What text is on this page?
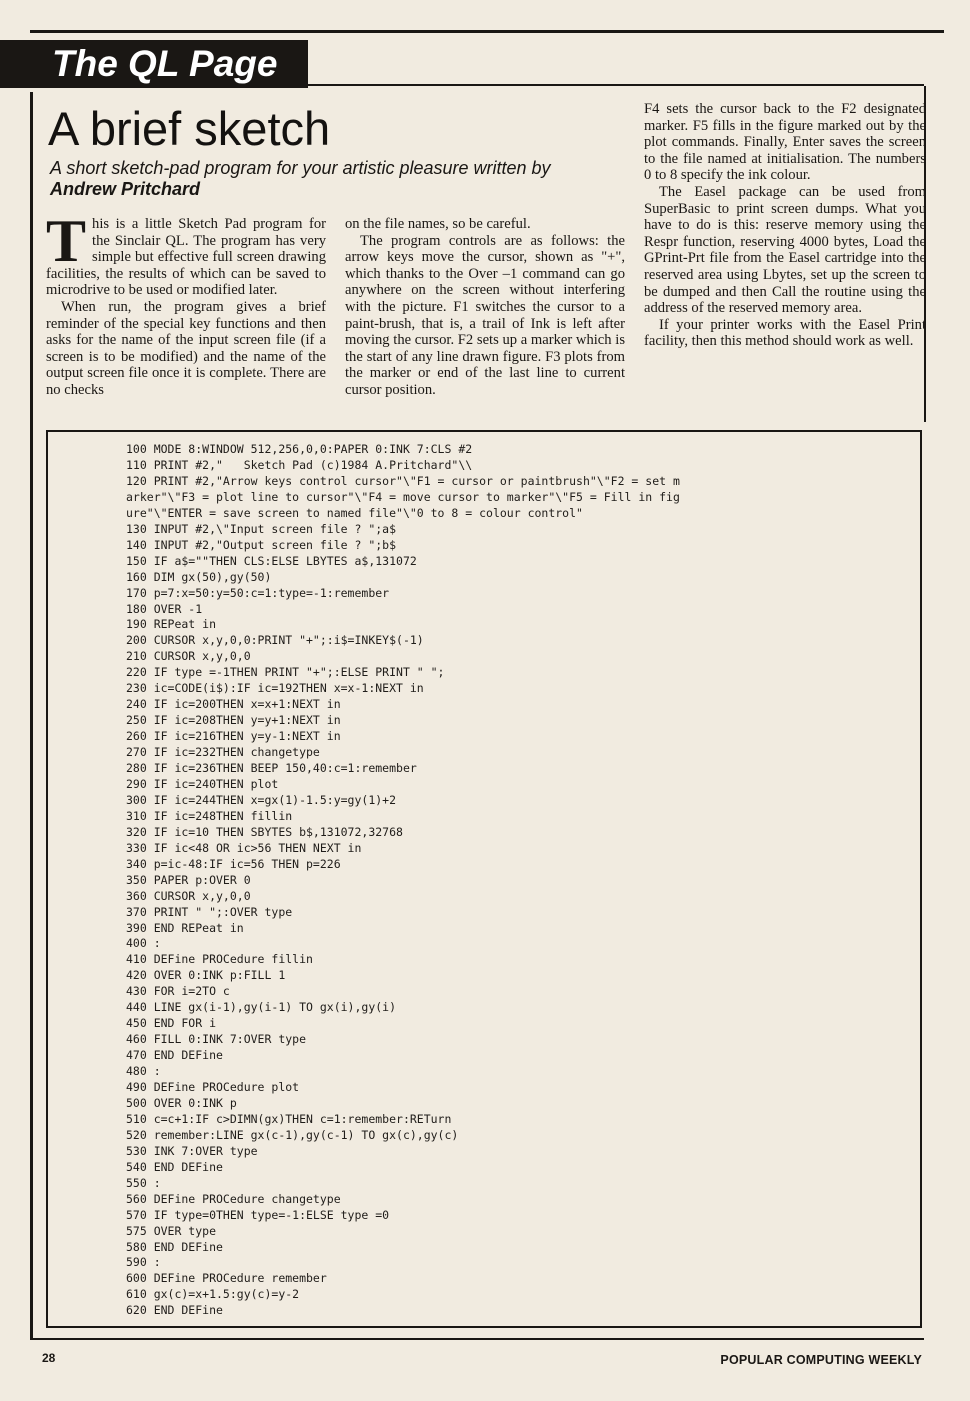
The QL Page
A brief sketch
A short sketch-pad program for your artistic pleasure written by Andrew Pritchard

This is a little Sketch Pad program for the Sinclair QL. The program has very simple but effective full screen drawing facilities, the results of which can be saved to microdrive to be used or modified later.

When run, the program gives a brief reminder of the special key functions and then asks for the name of the input screen file (if a screen is to be modified) and the name of the output screen file once it is complete. There are no checks

on the file names, so be careful.

The program controls are as follows: the arrow keys move the cursor, shown as "+", which thanks to the Over –1 command can go anywhere on the screen without interfering with the picture. F1 switches the cursor to a paint-brush, that is, a trail of Ink is left after moving the cursor. F2 sets up a marker which is the start of any line drawn figure. F3 plots from the marker or end of the last line to current cursor position.

F4 sets the cursor back to the F2 designated marker. F5 fills in the figure marked out by the plot commands. Finally, Enter saves the screen to the file named at initialisation. The numbers 0 to 8 specify the ink colour.

The Easel package can be used from SuperBasic to print screen dumps. What you have to do is this: reserve memory using the Respr function, reserving 4000 bytes, Load the GPrint-Prt file from the Easel cartridge into the reserved area using Lbytes, set up the screen to be dumped and then Call the routine using the address of the reserved memory area.

If your printer works with the Easel Print facility, then this method should work as well.

100 MODE 8:WINDOW 512,256,0,0:PAPER 0:INK 7:CLS #2
110 PRINT #2,"   Sketch Pad (c)1984 A.Pritchard"\\
120 PRINT #2,"Arrow keys control cursor"\"F1 = cursor or paintbrush"\"F2 = set m
arker"\"F3 = plot line to cursor"\"F4 = move cursor to marker"\"F5 = Fill in fig
ure"\"ENTER = save screen to named file"\"0 to 8 = colour control"
130 INPUT #2,\"Input screen file ? ";a$
140 INPUT #2,"Output screen file ? ";b$
150 IF a$=""THEN CLS:ELSE LBYTES a$,131072
160 DIM gx(50),gy(50)
170 p=7:x=50:y=50:c=1:type=-1:remember
180 OVER -1
190 REPeat in
200 CURSOR x,y,0,0:PRINT "+";:i$=INKEY$(-1)
210 CURSOR x,y,0,0
220 IF type =-1THEN PRINT "+";:ELSE PRINT " ";
230 ic=CODE(i$):IF ic=192THEN x=x-1:NEXT in
240 IF ic=200THEN x=x+1:NEXT in
250 IF ic=208THEN y=y+1:NEXT in
260 IF ic=216THEN y=y-1:NEXT in
270 IF ic=232THEN changetype
280 IF ic=236THEN BEEP 150,40:c=1:remember
290 IF ic=240THEN plot
300 IF ic=244THEN x=gx(1)-1.5:y=gy(1)+2
310 IF ic=248THEN fillin
320 IF ic=10 THEN SBYTES b$,131072,32768
330 IF ic<48 OR ic>56 THEN NEXT in
340 p=ic-48:IF ic=56 THEN p=226
350 PAPER p:OVER 0
360 CURSOR x,y,0,0
370 PRINT " ";:OVER type
390 END REPeat in
400 :
410 DEFine PROCedure fillin
420 OVER 0:INK p:FILL 1
430 FOR i=2TO c
440 LINE gx(i-1),gy(i-1) TO gx(i),gy(i)
450 END FOR i
460 FILL 0:INK 7:OVER type
470 END DEFine
480 :
490 DEFine PROCedure plot
500 OVER 0:INK p
510 c=c+1:IF c>DIMN(gx)THEN c=1:remember:RETurn
520 remember:LINE gx(c-1),gy(c-1) TO gx(c),gy(c)
530 INK 7:OVER type
540 END DEFine
550 :
560 DEFine PROCedure changetype
570 IF type=0THEN type=-1:ELSE type =0
575 OVER type
580 END DEFine
590 :
600 DEFine PROCedure remember
610 gx(c)=x+1.5:gy(c)=y-2
620 END DEFine
28	POPULAR COMPUTING WEEKLY
